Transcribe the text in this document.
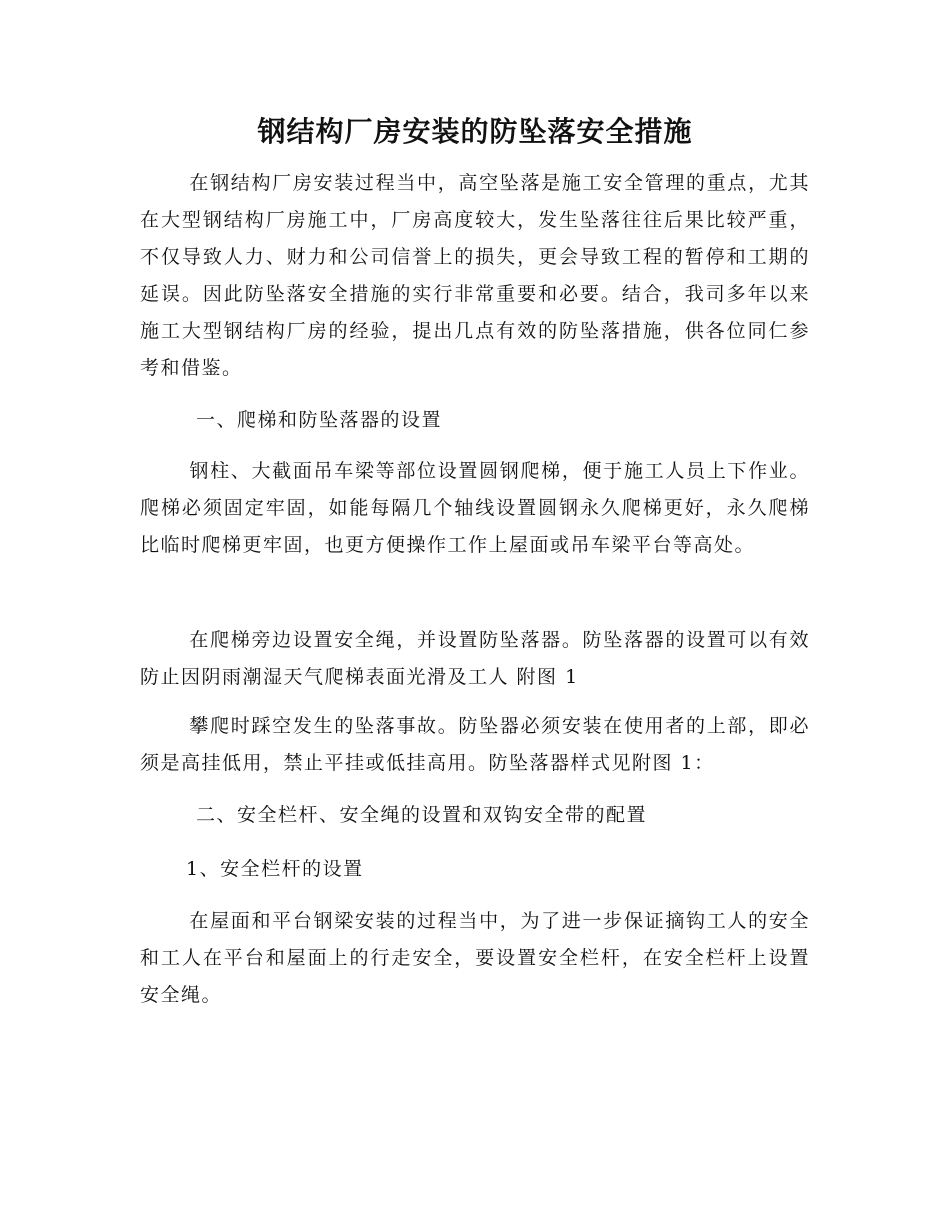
钢结构厂房安装的防坠落安全措施

在钢结构厂房安装过程当中，高空坠落是施工安全管理的重点，尤其在大型钢结构厂房施工中，厂房高度较大，发生坠落往往后果比较严重，不仅导致人力、财力和公司信誉上的损失，更会导致工程的暂停和工期的延误。因此防坠落安全措施的实行非常重要和必要。结合，我司多年以来施工大型钢结构厂房的经验，提出几点有效的防坠落措施，供各位同仁参考和借鉴。

一、爬梯和防坠落器的设置

钢柱、大截面吊车梁等部位设置圆钢爬梯，便于施工人员上下作业。爬梯必须固定牢固，如能每隔几个轴线设置圆钢永久爬梯更好，永久爬梯比临时爬梯更牢固，也更方便操作工作上屋面或吊车梁平台等高处。

在爬梯旁边设置安全绳，并设置防坠落器。防坠落器的设置可以有效防止因阴雨潮湿天气爬梯表面光滑及工人 附图 1

攀爬时踩空发生的坠落事故。防坠器必须安装在使用者的上部，即必须是高挂低用，禁止平挂或低挂高用。防坠落器样式见附图 1：

二、安全栏杆、安全绳的设置和双钩安全带的配置

1、安全栏杆的设置

在屋面和平台钢梁安装的过程当中，为了进一步保证摘钩工人的安全和工人在平台和屋面上的行走安全，要设置安全栏杆，在安全栏杆上设置安全绳。
